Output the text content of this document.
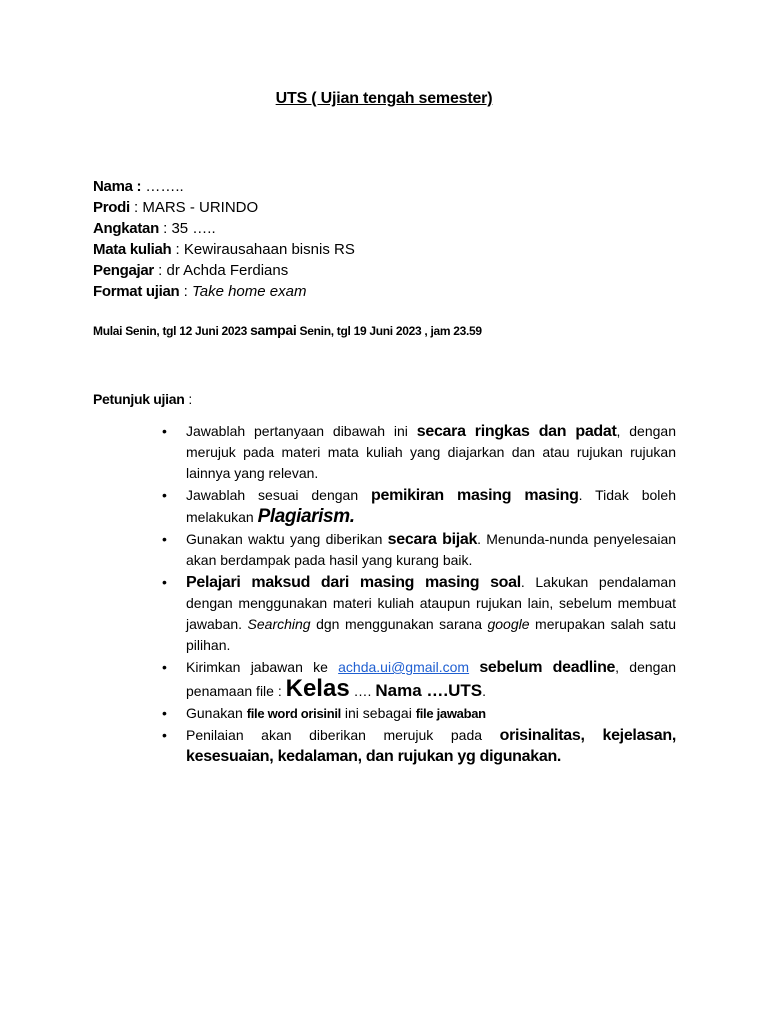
UTS ( Ujian tengah semester)
Nama : ……..
Prodi : MARS - URINDO
Angkatan : 35 …..
Mata kuliah : Kewirausahaan bisnis RS
Pengajar : dr Achda Ferdians
Format ujian : Take home exam
Mulai Senin, tgl 12 Juni 2023 sampai Senin, tgl 19 Juni 2023 , jam 23.59
Petunjuk ujian :
• Jawablah pertanyaan dibawah ini secara ringkas dan padat, dengan merujuk pada materi mata kuliah yang diajarkan dan atau rujukan rujukan lainnya yang relevan.
• Jawablah sesuai dengan pemikiran masing masing. Tidak boleh melakukan Plagiarism.
• Gunakan waktu yang diberikan secara bijak. Menunda-nunda penyelesaian akan berdampak pada hasil yang kurang baik.
• Pelajari maksud dari masing masing soal. Lakukan pendalaman dengan menggunakan materi kuliah ataupun rujukan lain, sebelum membuat jawaban. Searching dgn menggunakan sarana google merupakan salah satu pilihan.
• Kirimkan jabawan ke achda.ui@gmail.com sebelum deadline, dengan penamaan file : Kelas …. Nama ….UTS.
• Gunakan file word orisinil ini sebagai file jawaban
• Penilaian akan diberikan merujuk pada orisinalitas, kejelasan, kesesuaian, kedalaman, dan rujukan yg digunakan.
